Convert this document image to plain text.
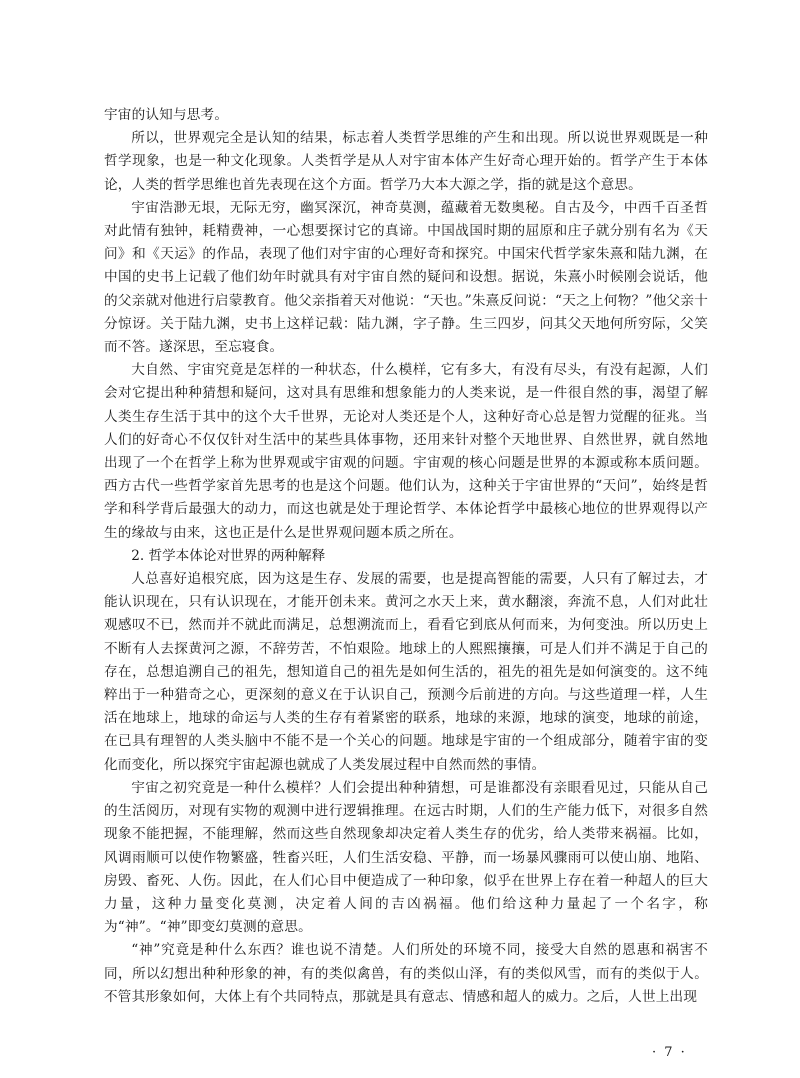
宇宙的认知与思考。

所以，世界观完全是认知的结果，标志着人类哲学思维的产生和出现。所以说世界观既是一种哲学现象，也是一种文化现象。人类哲学是从人对宇宙本体产生好奇心理开始的。哲学产生于本体论，人类的哲学思维也首先表现在这个方面。哲学乃大本大源之学，指的就是这个意思。

宇宙浩渺无垠，无际无穷，幽冥深沉，神奇莫测，蕴藏着无数奥秘。自古及今，中西千百圣哲对此情有独钟，耗精费神，一心想要探讨它的真谛。中国战国时期的屈原和庄子就分别有名为《天问》和《天运》的作品，表现了他们对宇宙的心理好奇和探究。中国宋代哲学家朱熹和陆九渊，在中国的史书上记载了他们幼年时就具有对宇宙自然的疑问和设想。据说，朱熹小时候刚会说话，他的父亲就对他进行启蒙教育。他父亲指着天对他说：“天也。”朱熹反问说：“天之上何物？”他父亲十分惊讶。关于陆九渊，史书上这样记载：陆九渊，字子静。生三四岁，问其父天地何所穷际，父笑而不答。遂深思，至忘寝食。

大自然、宇宙究竟是怎样的一种状态，什么模样，它有多大，有没有尽头，有没有起源，人们会对它提出种种猜想和疑问，这对具有思维和想象能力的人类来说，是一件很自然的事，渴望了解人类生存生活于其中的这个大千世界，无论对人类还是个人，这种好奇心总是智力觉醒的征兆。当人们的好奇心不仅仅针对生活中的某些具体事物，还用来针对整个天地世界、自然世界，就自然地出现了一个在哲学上称为世界观或宇宙观的问题。宇宙观的核心问题是世界的本源或称本质问题。西方古代一些哲学家首先思考的也是这个问题。他们认为，这种关于宇宙世界的“天问”，始终是哲学和科学背后最强大的动力，而这也就是处于理论哲学、本体论哲学中最核心地位的世界观得以产生的缘故与由来，这也正是什么是世界观问题本质之所在。

2. 哲学本体论对世界的两种解释

人总喜好追根究底，因为这是生存、发展的需要，也是提高智能的需要，人只有了解过去，才能认识现在，只有认识现在，才能开创未来。黄河之水天上来，黄水翻滚，奔流不息，人们对此壮观感叹不已，然而并不就此而满足，总想溯流而上，看看它到底从何而来，为何变浊。所以历史上不断有人去探黄河之源，不辞劳苦，不怕艰险。地球上的人熙熙攘攘，可是人们并不满足于自己的存在，总想追溯自己的祖先，想知道自己的祖先是如何生活的，祖先的祖先是如何演变的。这不纯粹出于一种猎奇之心，更深刻的意义在于认识自己，预测今后前进的方向。与这些道理一样，人生活在地球上，地球的命运与人类的生存有着紧密的联系，地球的来源，地球的演变，地球的前途，在已具有理智的人类头脑中不能不是一个关心的问题。地球是宇宙的一个组成部分，随着宇宙的变化而变化，所以探究宇宙起源也就成了人类发展过程中自然而然的事情。

宇宙之初究竟是一种什么模样？人们会提出种种猜想，可是谁都没有亲眼看见过，只能从自己的生活阅历，对现有实物的观测中进行逻辑推理。在远古时期，人们的生产能力低下，对很多自然现象不能把握，不能理解，然而这些自然现象却决定着人类生存的优劣，给人类带来祸福。比如，风调雨顺可以使作物繁盛，牲畜兴旺，人们生活安稳、平静，而一场暴风骤雨可以使山崩、地陷、房毁、畜死、人伤。因此，在人们心目中便造成了一种印象，似乎在世界上存在着一种超人的巨大力量，这种力量变化莫测，决定着人间的吉凶祸福。他们给这种力量起了一个名字，称为“神”。“神”即变幻莫测的意思。

“神”究竟是种什么东西？谁也说不清楚。人们所处的环境不同，接受大自然的恩惠和祸害不同，所以幻想出种种形象的神，有的类似禽兽，有的类似山泽，有的类似风雪，而有的类似于人。不管其形象如何，大体上有个共同特点，那就是具有意志、情感和超人的威力。之后，人世上出现

· 7 ·
